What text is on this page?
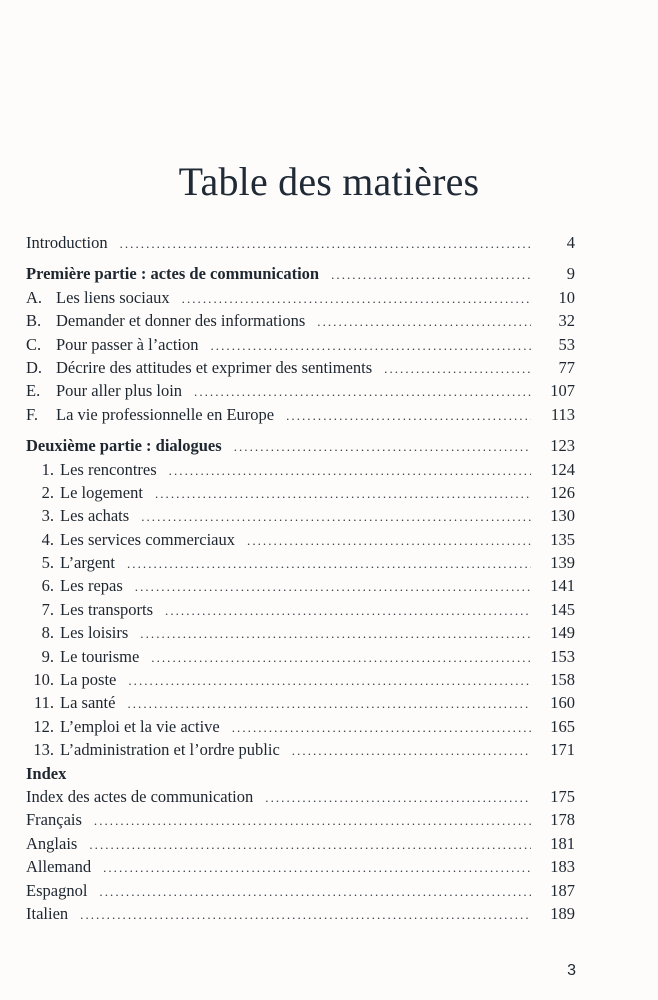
Table des matières
Introduction . . .	4
Première partie : actes de communication . . .	9
A. Les liens sociaux . . .	10
B. Demander et donner des informations . . .	32
C. Pour passer à l’action . . .	53
D. Décrire des attitudes et exprimer des sentiments . . .	77
E. Pour aller plus loin . . .	107
F.	La vie professionnelle en Europe . . .	113
Deuxième partie : dialogues . . .	123
1. Les rencontres . . .	124
2. Le logement . . .	126
3. Les achats . . .	130
4. Les services commerciaux . . .	135
5. L’argent . . .	139
6. Les repas . . .	141
7. Les transports . . .	145
8. Les loisirs . . .	149
9. Le tourisme . . .	153
10. La poste . . .	158
11. La santé . . .	160
12. L’emploi et la vie active . . .	165
13. L’administration et l’ordre public . . .	171
Index
Index des actes de communication . . .	175
Français . . .	178
Anglais . . .	181
Allemand . . .	183
Espagnol . . .	187
Italien . . .	189
3
